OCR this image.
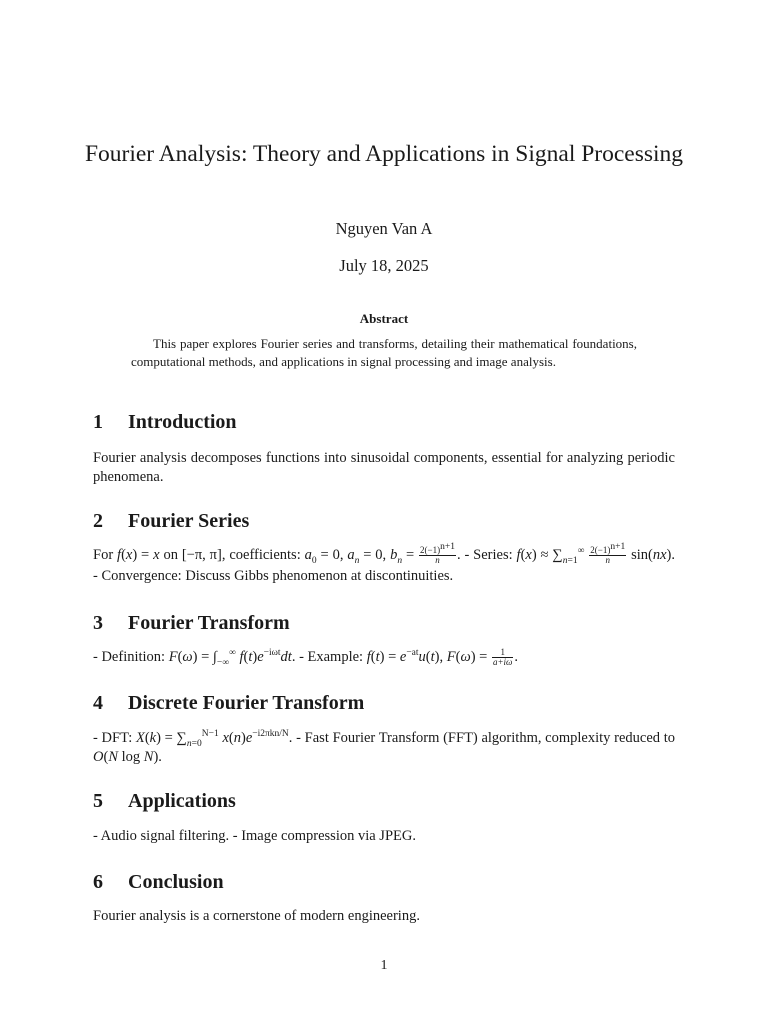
Fourier Analysis: Theory and Applications in Signal Processing
Nguyen Van A
July 18, 2025
Abstract
This paper explores Fourier series and transforms, detailing their mathematical foundations, computational methods, and applications in signal processing and image analysis.
1 Introduction
Fourier analysis decomposes functions into sinusoidal components, essential for analyzing periodic phenomena.
2 Fourier Series
For f(x) = x on [−π, π], coefficients: $a_0 = 0$, $a_n = 0$, $b_n = \frac{2(-1)^{n+1}}{n}$ . - Series: $f(x) \approx \sum_{n=1}^\infty \frac{2(-1)^{n+1}}{n} \sin(nx)$. - Convergence: Discuss Gibbs phenomenon at discontinuities.
3 Fourier Transform
- Definition: $F(\omega) = \int_{-\infty}^\infty$ $f(t)e^{-i\omega t}dt$. - Example: $f(t) = e^{-at}u(t)$, $F(\omega) = \frac{1}{a+i\omega}$ .
4 Discrete Fourier Transform
- DFT: $X(k) = \sum_{n=0}^{N-1}$ $x(n)e^{-i2\pi kn/N}$. - Fast Fourier Transform (FFT) algorithm, complexity reduced to O(N log N).
5 Applications
- Audio signal filtering. - Image compression via JPEG.
6 Conclusion
Fourier analysis is a cornerstone of modern engineering.
1
